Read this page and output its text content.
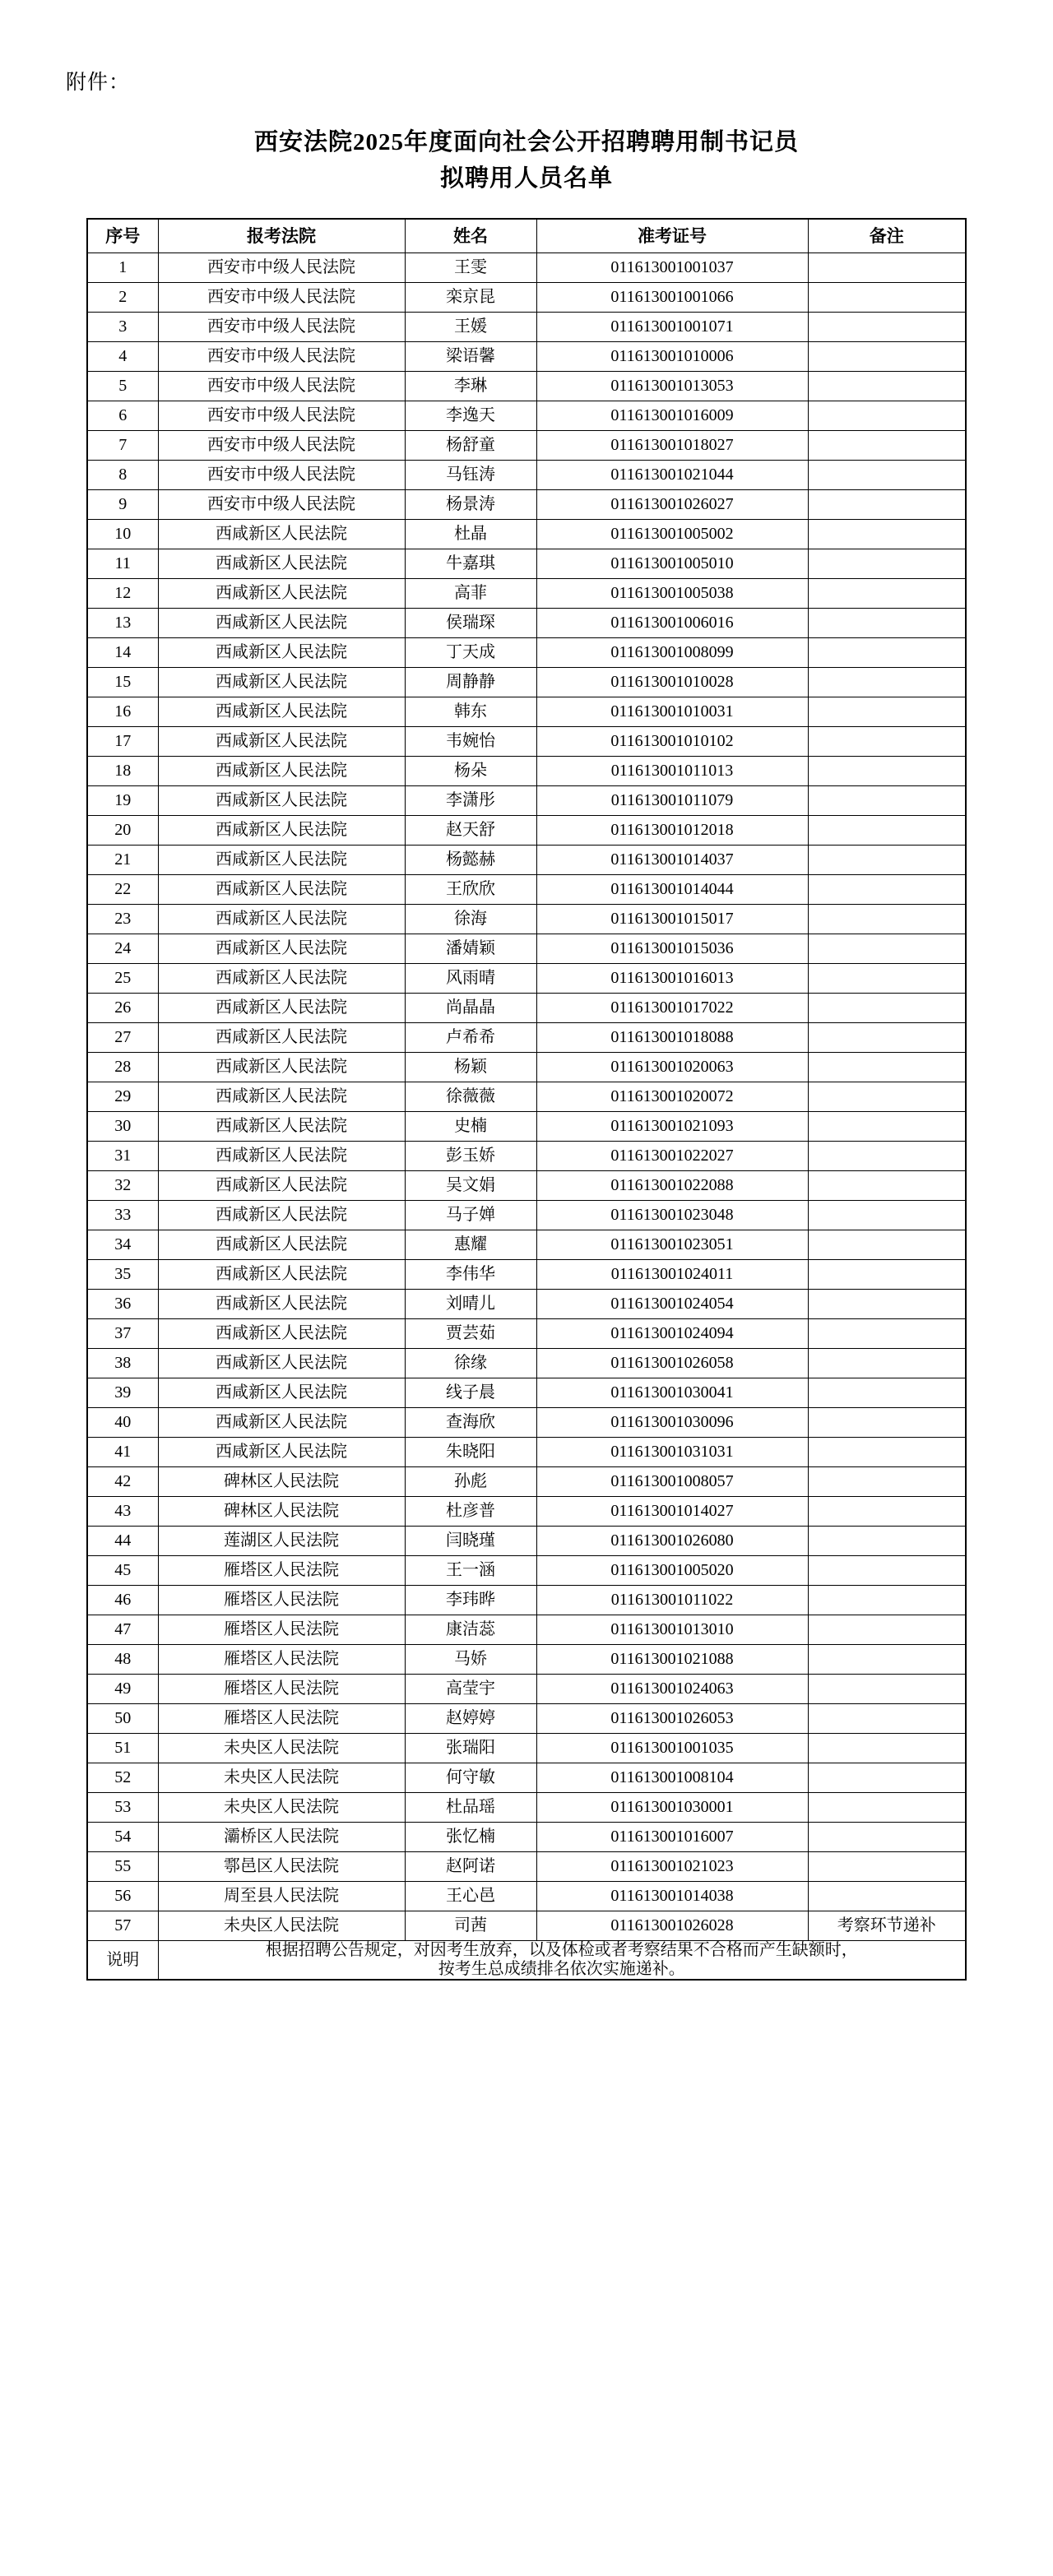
附件：
西安法院2025年度面向社会公开招聘聘用制书记员
拟聘用人员名单
序号	报考法院	姓名	准考证号	备注
1	西安市中级人民法院	王雯	011613001001037	
2	西安市中级人民法院	栾京昆	011613001001066	
3	西安市中级人民法院	王媛	011613001001071	
4	西安市中级人民法院	梁语馨	011613001010006	
5	西安市中级人民法院	李琳	011613001013053	
6	西安市中级人民法院	李逸天	011613001016009	
7	西安市中级人民法院	杨舒童	011613001018027	
8	西安市中级人民法院	马钰涛	011613001021044	
9	西安市中级人民法院	杨景涛	011613001026027	
10	西咸新区人民法院	杜晶	011613001005002	
11	西咸新区人民法院	牛嘉琪	011613001005010	
12	西咸新区人民法院	高菲	011613001005038	
13	西咸新区人民法院	侯瑞琛	011613001006016	
14	西咸新区人民法院	丁天成	011613001008099	
15	西咸新区人民法院	周静静	011613001010028	
16	西咸新区人民法院	韩东	011613001010031	
17	西咸新区人民法院	韦婉怡	011613001010102	
18	西咸新区人民法院	杨朵	011613001011013	
19	西咸新区人民法院	李潇彤	011613001011079	
20	西咸新区人民法院	赵天舒	011613001012018	
21	西咸新区人民法院	杨懿赫	011613001014037	
22	西咸新区人民法院	王欣欣	011613001014044	
23	西咸新区人民法院	徐海	011613001015017	
24	西咸新区人民法院	潘婧颖	011613001015036	
25	西咸新区人民法院	风雨晴	011613001016013	
26	西咸新区人民法院	尚晶晶	011613001017022	
27	西咸新区人民法院	卢希希	011613001018088	
28	西咸新区人民法院	杨颖	011613001020063	
29	西咸新区人民法院	徐薇薇	011613001020072	
30	西咸新区人民法院	史楠	011613001021093	
31	西咸新区人民法院	彭玉娇	011613001022027	
32	西咸新区人民法院	吴文娟	011613001022088	
33	西咸新区人民法院	马子婵	011613001023048	
34	西咸新区人民法院	惠耀	011613001023051	
35	西咸新区人民法院	李伟华	011613001024011	
36	西咸新区人民法院	刘晴儿	011613001024054	
37	西咸新区人民法院	贾芸茹	011613001024094	
38	西咸新区人民法院	徐缘	011613001026058	
39	西咸新区人民法院	线子晨	011613001030041	
40	西咸新区人民法院	查海欣	011613001030096	
41	西咸新区人民法院	朱晓阳	011613001031031	
42	碑林区人民法院	孙彪	011613001008057	
43	碑林区人民法院	杜彦普	011613001014027	
44	莲湖区人民法院	闫晓瑾	011613001026080	
45	雁塔区人民法院	王一涵	011613001005020	
46	雁塔区人民法院	李玮晔	011613001011022	
47	雁塔区人民法院	康洁蕊	011613001013010	
48	雁塔区人民法院	马娇	011613001021088	
49	雁塔区人民法院	高莹宇	011613001024063	
50	雁塔区人民法院	赵婷婷	011613001026053	
51	未央区人民法院	张瑞阳	011613001001035	
52	未央区人民法院	何守敏	011613001008104	
53	未央区人民法院	杜品瑶	011613001030001	
54	灞桥区人民法院	张忆楠	011613001016007	
55	鄠邑区人民法院	赵阿诺	011613001021023	
56	周至县人民法院	王心邑	011613001014038	
57	未央区人民法院	司茜	011613001026028	考察环节递补
说明	根据招聘公告规定，对因考生放弃，以及体检或者考察结果不合格而产生缺额时，
按考生总成绩排名依次实施递补。			
